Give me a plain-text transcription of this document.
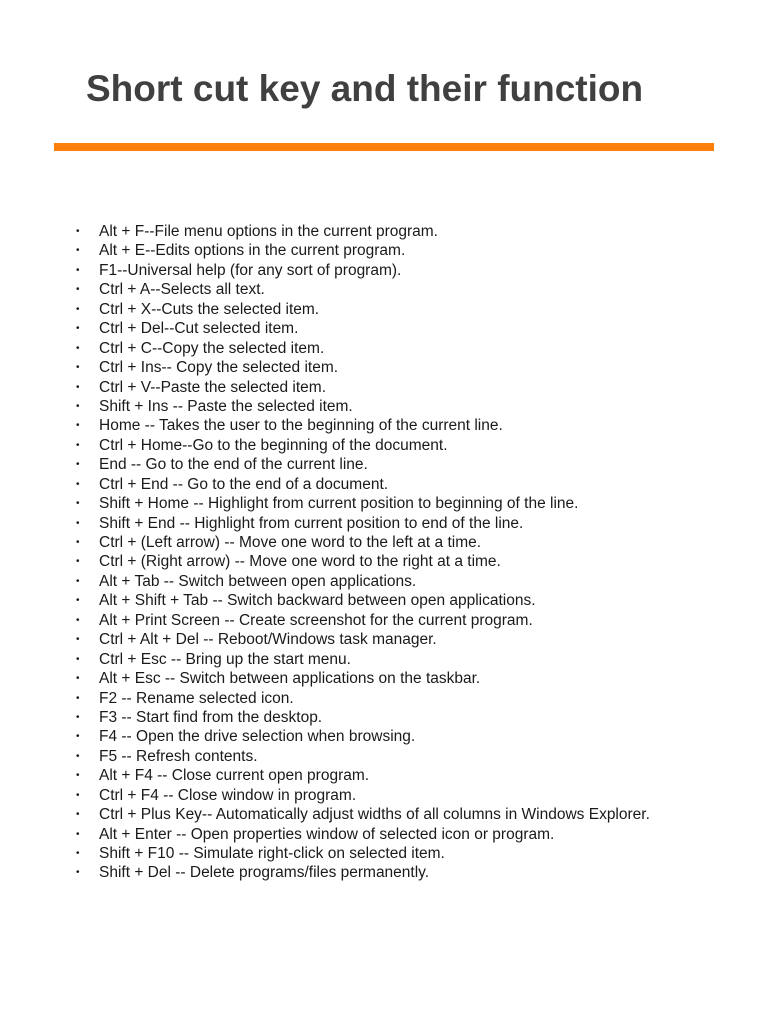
Short cut key and their function
• Alt + F--File menu options in the current program.
• Alt + E--Edits options in the current program.
• F1--Universal help (for any sort of program).
• Ctrl + A--Selects all text.
• Ctrl + X--Cuts the selected item.
• Ctrl + Del--Cut selected item.
• Ctrl + C--Copy the selected item.
• Ctrl + Ins-- Copy the selected item.
• Ctrl + V--Paste the selected item.
• Shift + Ins -- Paste the selected item.
• Home -- Takes the user to the beginning of the current line.
• Ctrl + Home--Go to the beginning of the document.
• End -- Go to the end of the current line.
• Ctrl + End -- Go to the end of a document.
• Shift + Home -- Highlight from current position to beginning of the line.
• Shift + End -- Highlight from current position to end of the line.
• Ctrl + (Left arrow) -- Move one word to the left at a time.
• Ctrl + (Right arrow) -- Move one word to the right at a time.
• Alt + Tab -- Switch between open applications.
• Alt + Shift + Tab -- Switch backward between open applications.
• Alt + Print Screen -- Create screenshot for the current program.
• Ctrl + Alt + Del -- Reboot/Windows task manager.
• Ctrl + Esc -- Bring up the start menu.
• Alt + Esc -- Switch between applications on the taskbar.
• F2 -- Rename selected icon.
• F3 -- Start find from the desktop.
• F4 -- Open the drive selection when browsing.
• F5 -- Refresh contents.
• Alt + F4 -- Close current open program.
• Ctrl + F4 -- Close window in program.
• Ctrl + Plus Key-- Automatically adjust widths of all columns in Windows Explorer.
• Alt + Enter -- Open properties window of selected icon or program.
• Shift + F10 -- Simulate right-click on selected item.
• Shift + Del -- Delete programs/files permanently.
